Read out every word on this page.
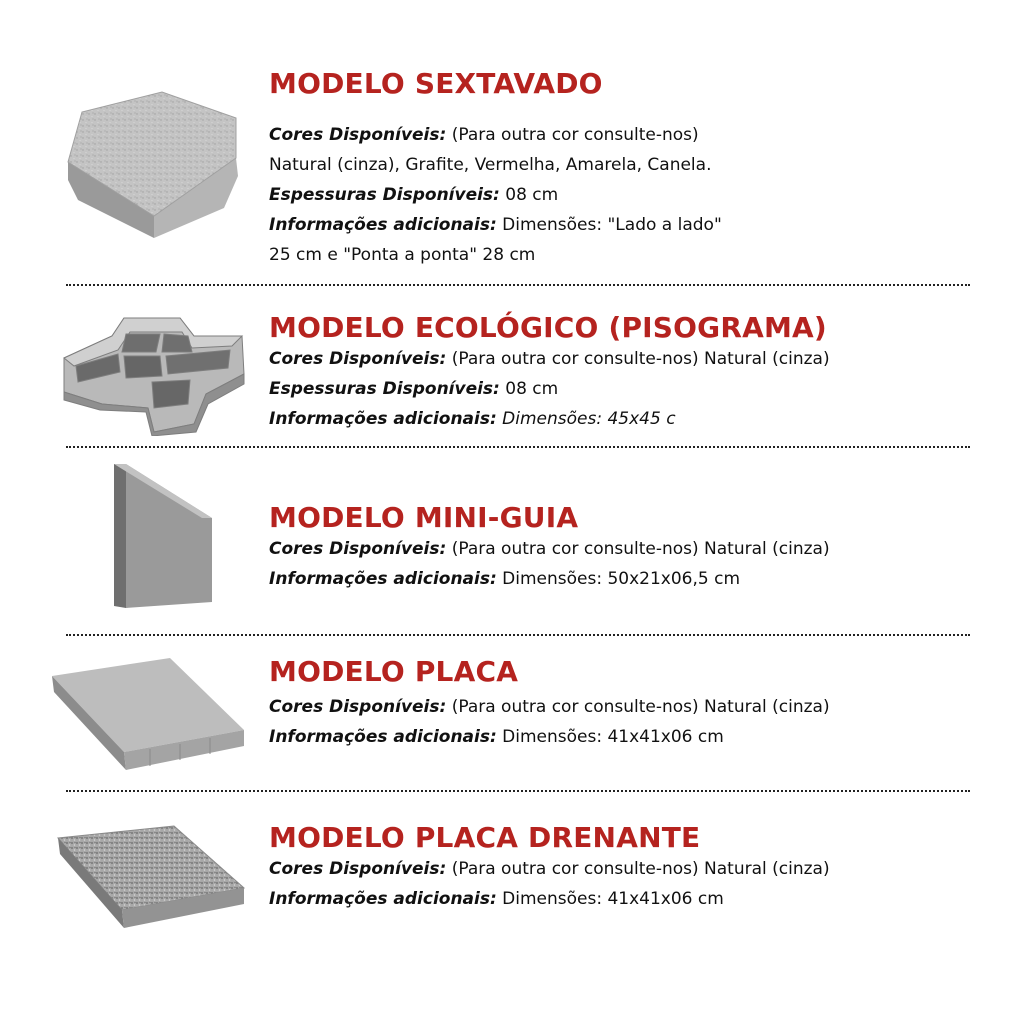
MODELO SEXTAVADO
Cores Disponíveis: (Para outra cor consulte-nos)
Natural (cinza), Grafite, Vermelha, Amarela, Canela.
Espessuras Disponíveis: 08 cm
Informações adicionais: Dimensões: "Lado a lado"
25 cm e "Ponta a ponta" 28 cm
MODELO ECOLÓGICO (PISOGRAMA)
Cores Disponíveis: (Para outra cor consulte-nos) Natural (cinza)
Espessuras Disponíveis: 08 cm
Informações adicionais: Dimensões: 45x45 c
MODELO MINI-GUIA
Cores Disponíveis: (Para outra cor consulte-nos) Natural (cinza)
Informações adicionais: Dimensões: 50x21x06,5 cm
MODELO PLACA
Cores Disponíveis: (Para outra cor consulte-nos) Natural (cinza)
Informações adicionais: Dimensões: 41x41x06 cm
MODELO PLACA DRENANTE
Cores Disponíveis: (Para outra cor consulte-nos) Natural (cinza)
Informações adicionais: Dimensões: 41x41x06 cm
